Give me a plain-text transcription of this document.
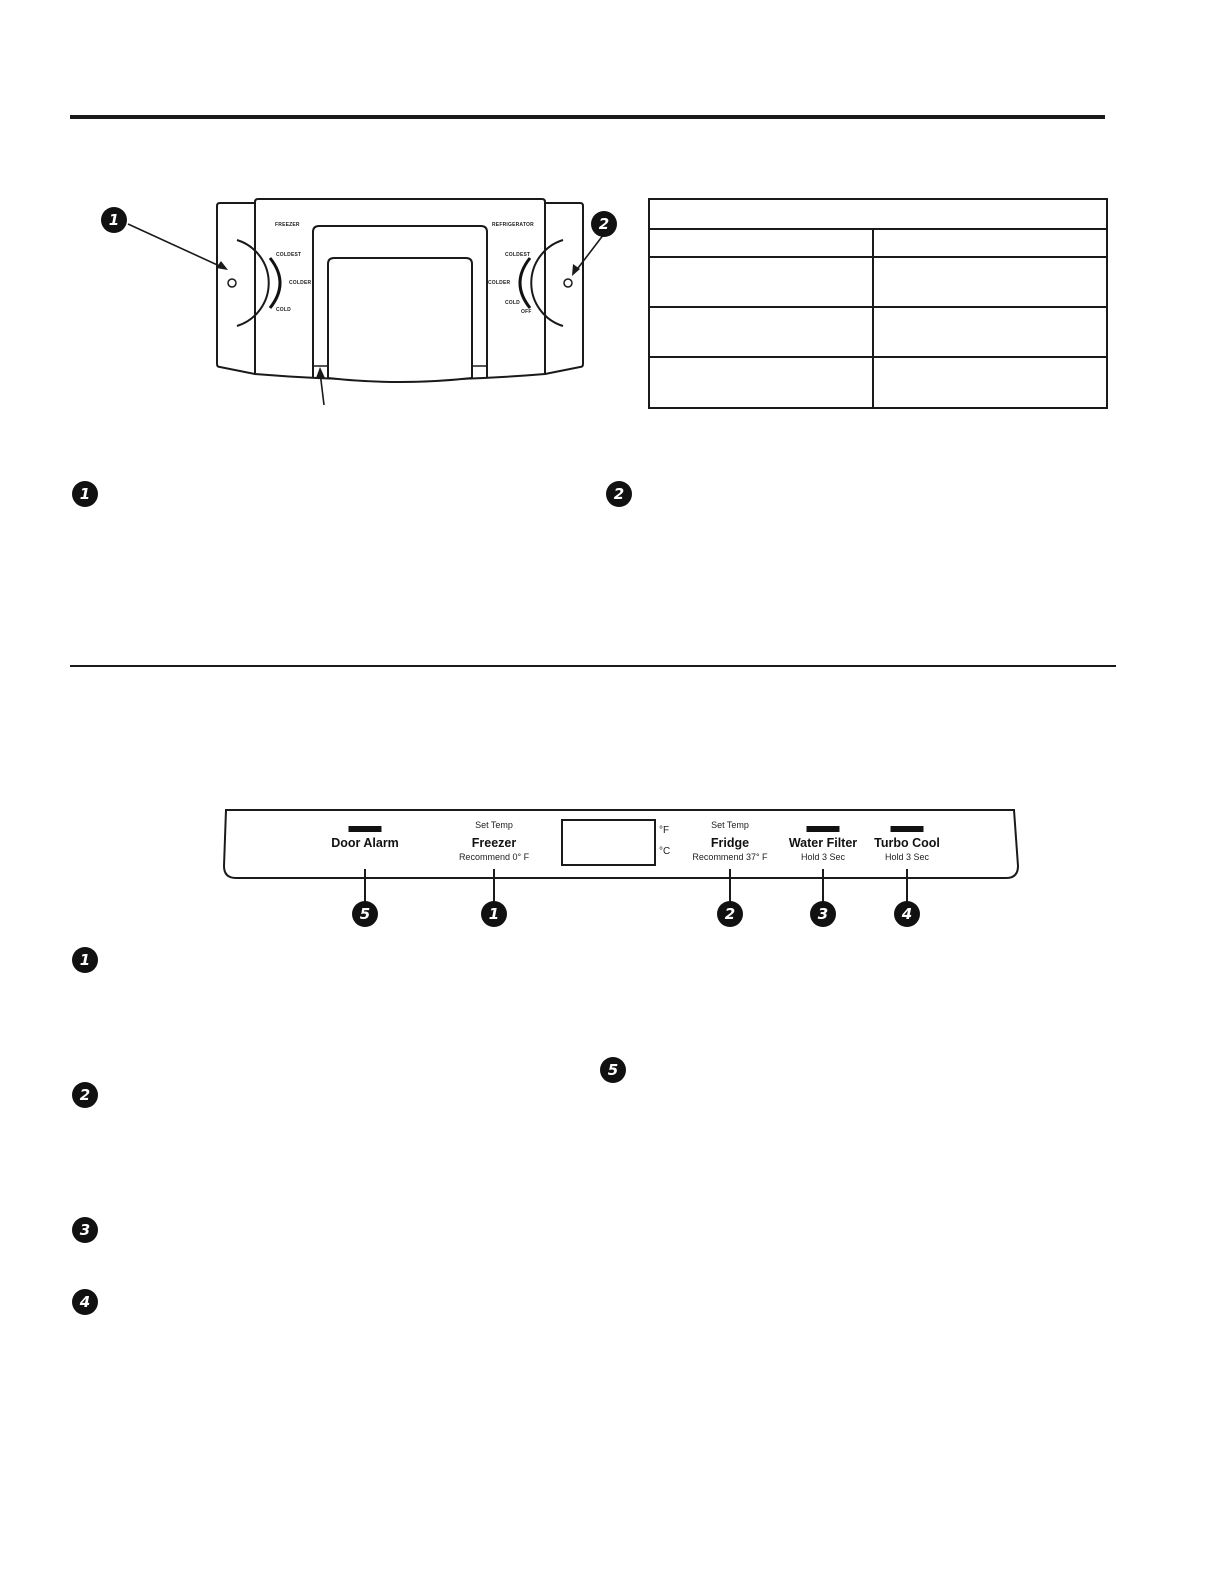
FREEZER	REFRIGERATOR
COLDEST
COLDER
COLD
COLDEST
COLDER
COLD
OFF
1	2
1	2
Door Alarm
Set Temp
Freezer
Recommend 0° F
°F
°C
Set Temp
Fridge
Recommend 37° F
Water Filter
Hold 3 Sec
Turbo Cool
Hold 3 Sec
5	1	2	3	4
1
2
3
4
5
